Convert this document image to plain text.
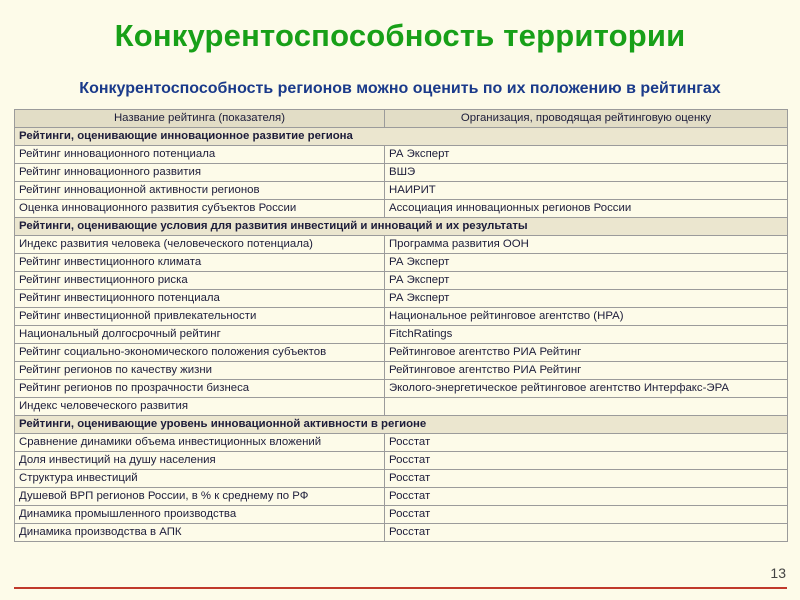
Конкурентоспособность территории
Конкурентоспособность регионов можно оценить по их положению в рейтингах
Название рейтинга (показателя)	Организация, проводящая рейтинговую оценку
Рейтинги, оценивающие инновационное развитие региона	
Рейтинг инновационного потенциала	РА Эксперт
Рейтинг инновационного развития	ВШЭ
Рейтинг инновационной активности регионов	НАИРИТ
Оценка инновационного развития субъектов России	Ассоциация инновационных регионов России
Рейтинги, оценивающие условия для развития инвестиций и инноваций и их результаты	
Индекс развития человека (человеческого потенциала)	Программа развития ООН
Рейтинг инвестиционного климата	РА Эксперт
Рейтинг инвестиционного риска	РА Эксперт
Рейтинг инвестиционного потенциала	РА Эксперт
Рейтинг инвестиционной привлекательности	Национальное рейтинговое агентство (НРА)
Национальный долгосрочный рейтинг	FitchRatings
Рейтинг социально-экономического положения субъектов	Рейтинговое агентство РИА Рейтинг
Рейтинг регионов по качеству жизни	Рейтинговое агентство РИА Рейтинг
Рейтинг регионов по прозрачности бизнеса	Эколого-энергетическое рейтинговое агентство Интерфакс-ЭРА
Индекс человеческого развития	
Рейтинги, оценивающие уровень инновационной активности в регионе	
Сравнение динамики объема инвестиционных вложений	Росстат
Доля инвестиций на душу населения	Росстат
Структура инвестиций	Росстат
Душевой ВРП регионов России, в % к среднему по РФ	Росстат
Динамика промышленного производства	Росстат
Динамика производства в АПК	Росстат
13
